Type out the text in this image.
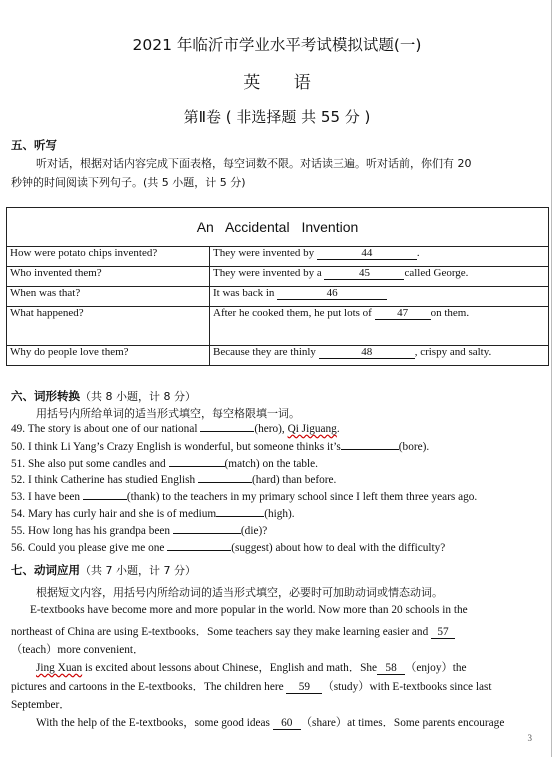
2021 年临沂市学业水平考试模拟试题(一)
英 语
第Ⅱ卷 ( 非选择题 共 55 分 )
五、听写
听对话，根据对话内容完成下面表格，每空词数不限。对话读三遍。听对话前，你们有 20
秒钟的时间阅读下列句子。(共 5 小题，计 5 分)
An Accidental Invention	
How were potato chips invented?	They were invented by 44 .
Who invented them?	They were invented by a 45 called George.
When was that?	It was back in 46
What happened?	After he cooked them, he put lots of 47 on them.
Why do people love them?	Because they are thinly 48 , crispy and salty.
六、词形转换（共 8 小题，计 8 分）
用括号内所给单词的适当形式填空，每空格限填一词。
49. The story is about one of our national	(hero), Qi Jiguang.
50. I think Li Yang’s Crazy English is wonderful, but someone thinks it’s	(bore).
51. She also put some candles and	(match) on the table.
52. I think Catherine has studied English	(hard) than before.
53. I have been	(thank) to the teachers in my primary school since I left them three years ago.
54. Mary has curly hair and she is of medium	(high).
55. How long has his grandpa been	(die)?
56. Could you please give me one	(suggest) about how to deal with the difficulty?
七、动词应用（共 7 小题，计 7 分）
根据短文内容，用括号内所给动词的适当形式填空，必要时可加助动词或情态动词。
E-textbooks have become more and more popular in the world. Now more than 20 schools in the
northeast of China are using E-textbooks．Some teachers say they make learning easier and 57
（teach）more convenient．
Jing Xuan is excited about lessons about Chinese，English and math．She 58 （enjoy）the
pictures and cartoons in the E-textbooks．The children here 59 （study）with E-textbooks since last
September．
With the help of the E-textbooks，some good ideas 60 （share）at times．Some parents encourage
3
